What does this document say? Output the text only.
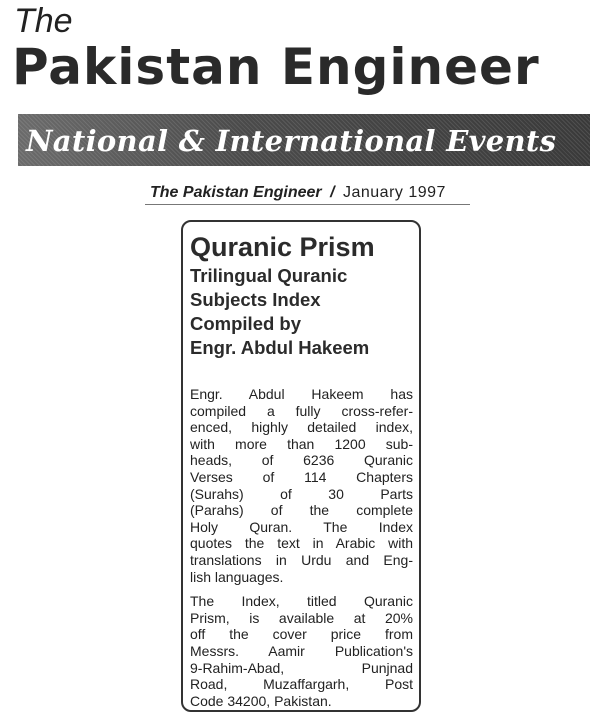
The
Pakistan Engineer
National & International Events
The Pakistan Engineer / January 1997
Quranic Prism
Trilingual Quranic
Subjects Index
Compiled by
Engr. Abdul Hakeem
Engr. Abdul Hakeem has
compiled a fully cross-refer-
enced, highly detailed index,
with more than 1200 sub-
heads, of 6236 Quranic
Verses of 114 Chapters
(Surahs) of 30 Parts
(Parahs) of the complete
Holy Quran. The Index
quotes the text in Arabic with
translations in Urdu and Eng-
lish languages.
The Index, titled Quranic
Prism, is available at 20%
off the cover price from
Messrs. Aamir Publication's
9-Rahim-Abad, Punjnad
Road, Muzaffargarh, Post
Code 34200, Pakistan.
